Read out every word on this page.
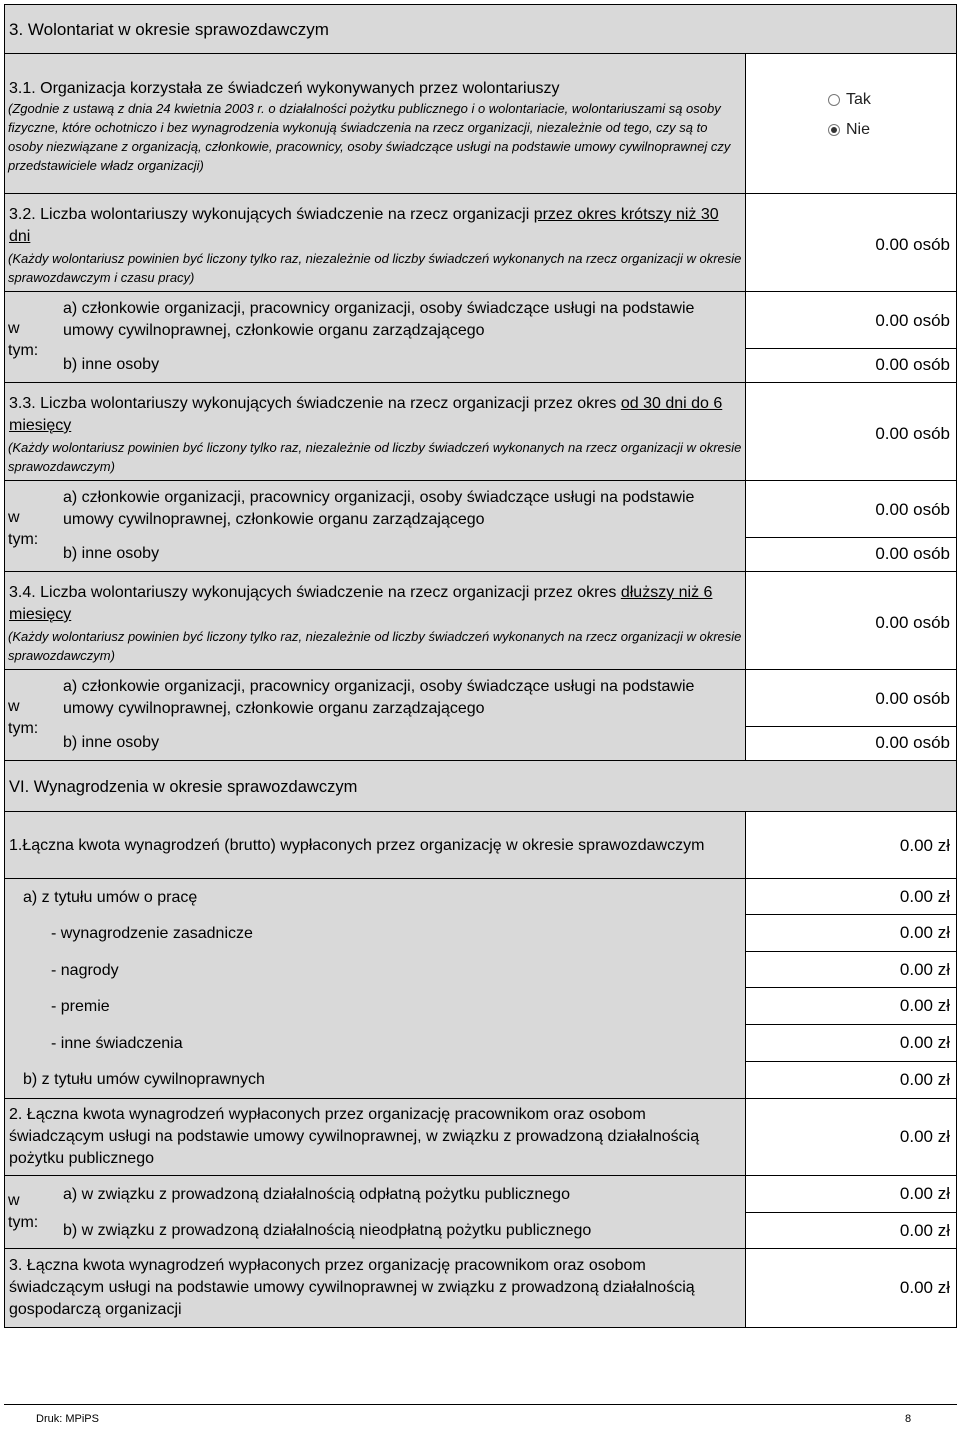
3. Wolontariat w okresie sprawozdawczym
3.1. Organizacja korzystała ze świadczeń wykonywanych przez wolontariuszy
(Zgodnie z ustawą z dnia 24 kwietnia 2003 r. o działalności pożytku publicznego i o wolontariacie, wolontariuszami są osoby fizyczne, które ochotniczo i bez wynagrodzenia wykonują świadczenia na rzecz organizacji, niezależnie od tego, czy są to osoby niezwiązane z organizacją, członkowie, pracownicy, osoby świadczące usługi na podstawie umowy cywilnoprawnej czy przedstawiciele władz organizacji)
Tak
Nie
3.2. Liczba wolontariuszy wykonujących świadczenie na rzecz organizacji przez okres krótszy niż 30 dni
(Każdy wolontariusz powinien być liczony tylko raz, niezależnie od liczby świadczeń wykonanych na rzecz organizacji w okresie sprawozdawczym i czasu pracy)
0.00 osób
w tym:
a) członkowie organizacji, pracownicy organizacji, osoby świadczące usługi na podstawie umowy cywilnoprawnej, członkowie organu zarządzającego
b) inne osoby
0.00 osób
0.00 osób
3.3. Liczba wolontariuszy wykonujących świadczenie na rzecz organizacji przez okres od 30 dni do 6 miesięcy
(Każdy wolontariusz powinien być liczony tylko raz, niezależnie od liczby świadczeń wykonanych na rzecz organizacji w okresie sprawozdawczym)
0.00 osób
w tym:
a) członkowie organizacji, pracownicy organizacji, osoby świadczące usługi na podstawie umowy cywilnoprawnej, członkowie organu zarządzającego
b) inne osoby
0.00 osób
0.00 osób
3.4. Liczba wolontariuszy wykonujących świadczenie na rzecz organizacji przez okres dłuższy niż 6 miesięcy
(Każdy wolontariusz powinien być liczony tylko raz, niezależnie od liczby świadczeń wykonanych na rzecz organizacji w okresie sprawozdawczym)
0.00 osób
w tym:
a) członkowie organizacji, pracownicy organizacji, osoby świadczące usługi na podstawie umowy cywilnoprawnej, członkowie organu zarządzającego
b) inne osoby
0.00 osób
0.00 osób
VI. Wynagrodzenia w okresie sprawozdawczym
1.Łączna kwota wynagrodzeń (brutto) wypłaconych przez organizację w okresie sprawozdawczym	0.00 zł
a) z tytułu umów o pracę
- wynagrodzenie zasadnicze
- nagrody
- premie
- inne świadczenia
b) z tytułu umów cywilnoprawnych
0.00 zł
0.00 zł
0.00 zł
0.00 zł
0.00 zł
0.00 zł
2. Łączna kwota wynagrodzeń wypłaconych przez organizację pracownikom oraz osobom świadczącym usługi na podstawie umowy cywilnoprawnej, w związku z prowadzoną działalnością pożytku publicznego
0.00 zł
w tym:
a) w związku z prowadzoną działalnością odpłatną pożytku publicznego
b) w związku z prowadzoną działalnością nieodpłatną pożytku publicznego
0.00 zł
0.00 zł
3. Łączna kwota wynagrodzeń wypłaconych przez organizację pracownikom oraz osobom świadczącym usługi na podstawie umowy cywilnoprawnej w związku z prowadzoną działalnością gospodarczą organizacji
0.00 zł
Druk: MPiPS	8
